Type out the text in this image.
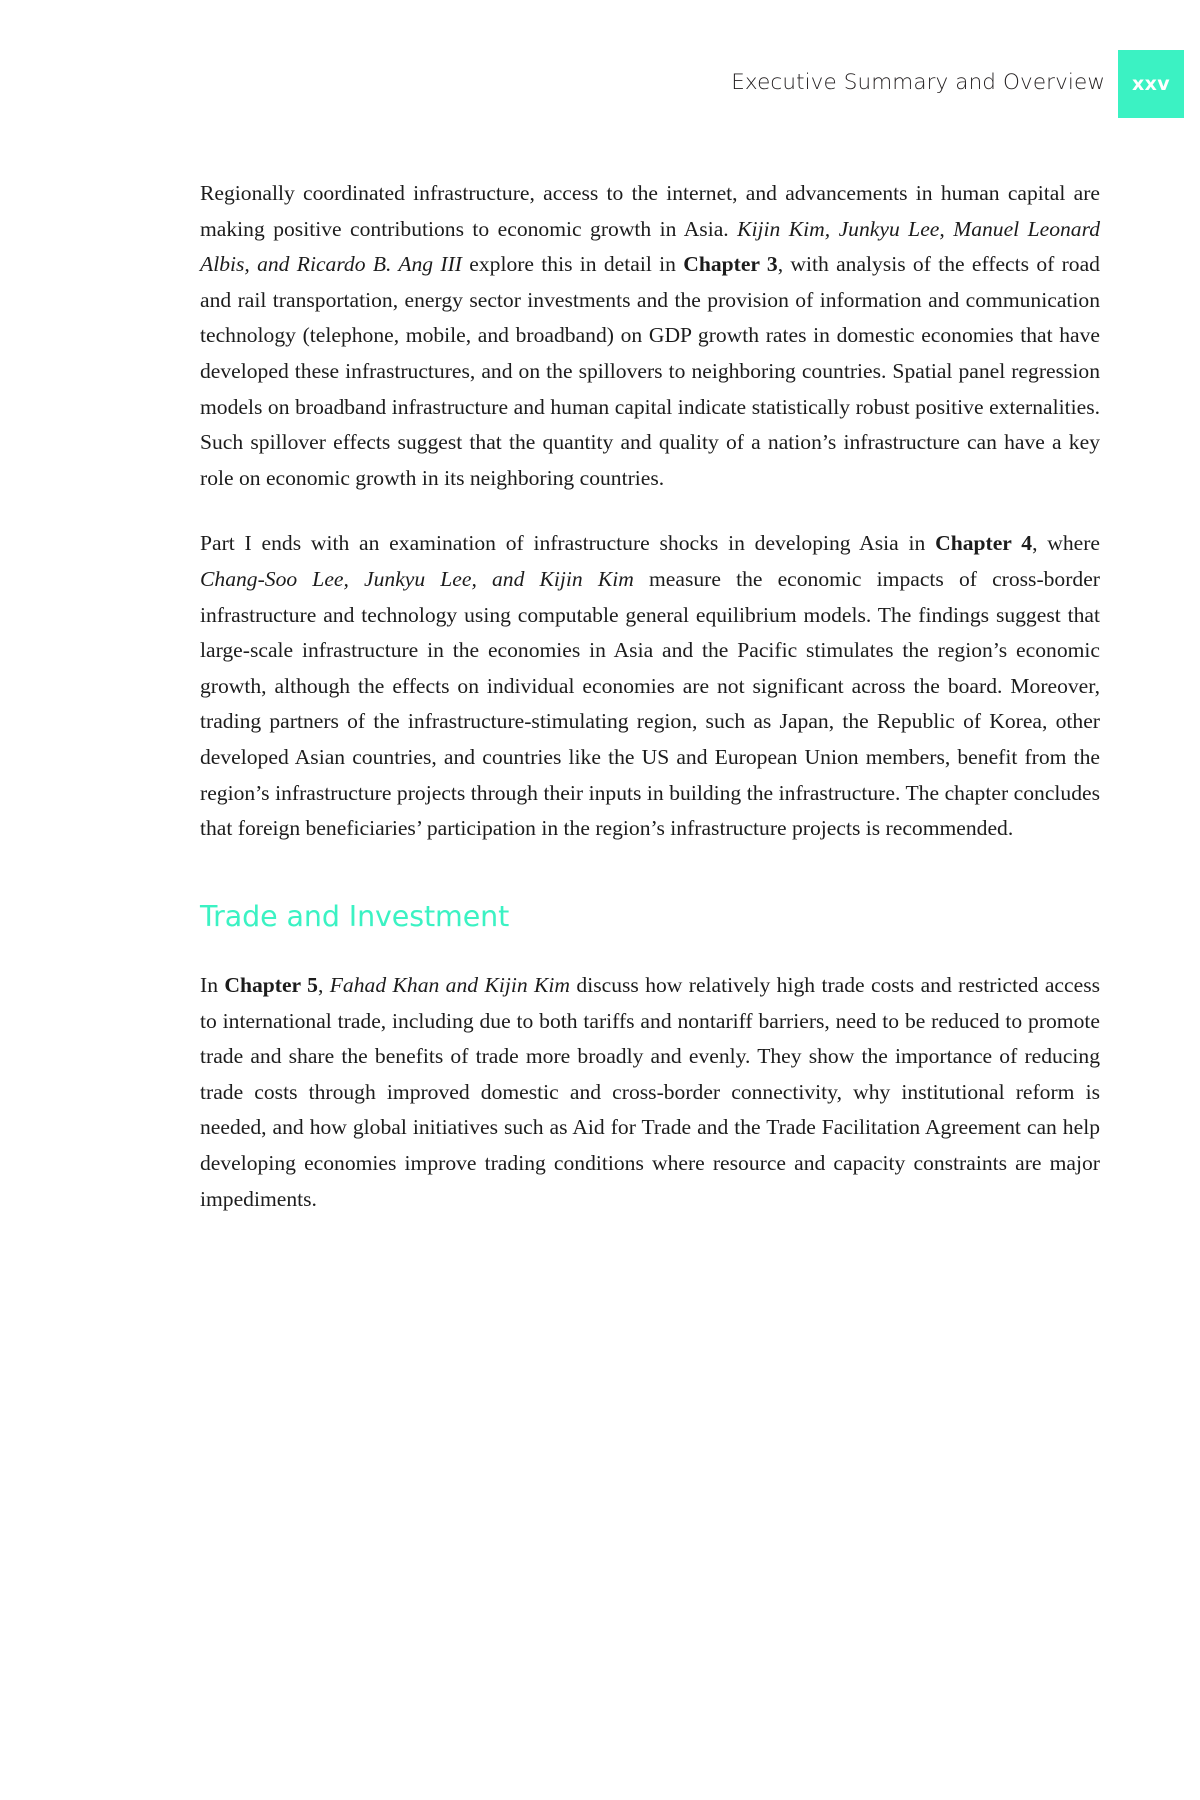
Executive Summary and Overview xxv

Regionally coordinated infrastructure, access to the internet, and advancements in human capital are making positive contributions to economic growth in Asia. Kijin Kim, Junkyu Lee, Manuel Leonard Albis, and Ricardo B. Ang III explore this in detail in Chapter 3, with analysis of the effects of road and rail transportation, energy sector investments and the provision of information and communication technology (telephone, mobile, and broadband) on GDP growth rates in domestic economies that have developed these infrastructures, and on the spillovers to neighboring countries. Spatial panel regression models on broadband infrastructure and human capital indicate statistically robust positive externalities. Such spillover effects suggest that the quantity and quality of a nation’s infrastructure can have a key role on economic growth in its neighboring countries.

Part I ends with an examination of infrastructure shocks in developing Asia in Chapter 4, where Chang-Soo Lee, Junkyu Lee, and Kijin Kim measure the economic impacts of cross-border infrastructure and technology using computable general equilibrium models. The findings suggest that large-scale infrastructure in the economies in Asia and the Pacific stimulates the region’s economic growth, although the effects on individual economies are not significant across the board. Moreover, trading partners of the infrastructure-stimulating region, such as Japan, the Republic of Korea, other developed Asian countries, and countries like the US and European Union members, benefit from the region’s infrastructure projects through their inputs in building the infrastructure. The chapter concludes that foreign beneficiaries’ participation in the region’s infrastructure projects is recommended.

Trade and Investment

In Chapter 5, Fahad Khan and Kijin Kim discuss how relatively high trade costs and restricted access to international trade, including due to both tariffs and nontariff barriers, need to be reduced to promote trade and share the benefits of trade more broadly and evenly. They show the importance of reducing trade costs through improved domestic and cross-border connectivity, why institutional reform is needed, and how global initiatives such as Aid for Trade and the Trade Facilitation Agreement can help developing economies improve trading conditions where resource and capacity constraints are major impediments.
